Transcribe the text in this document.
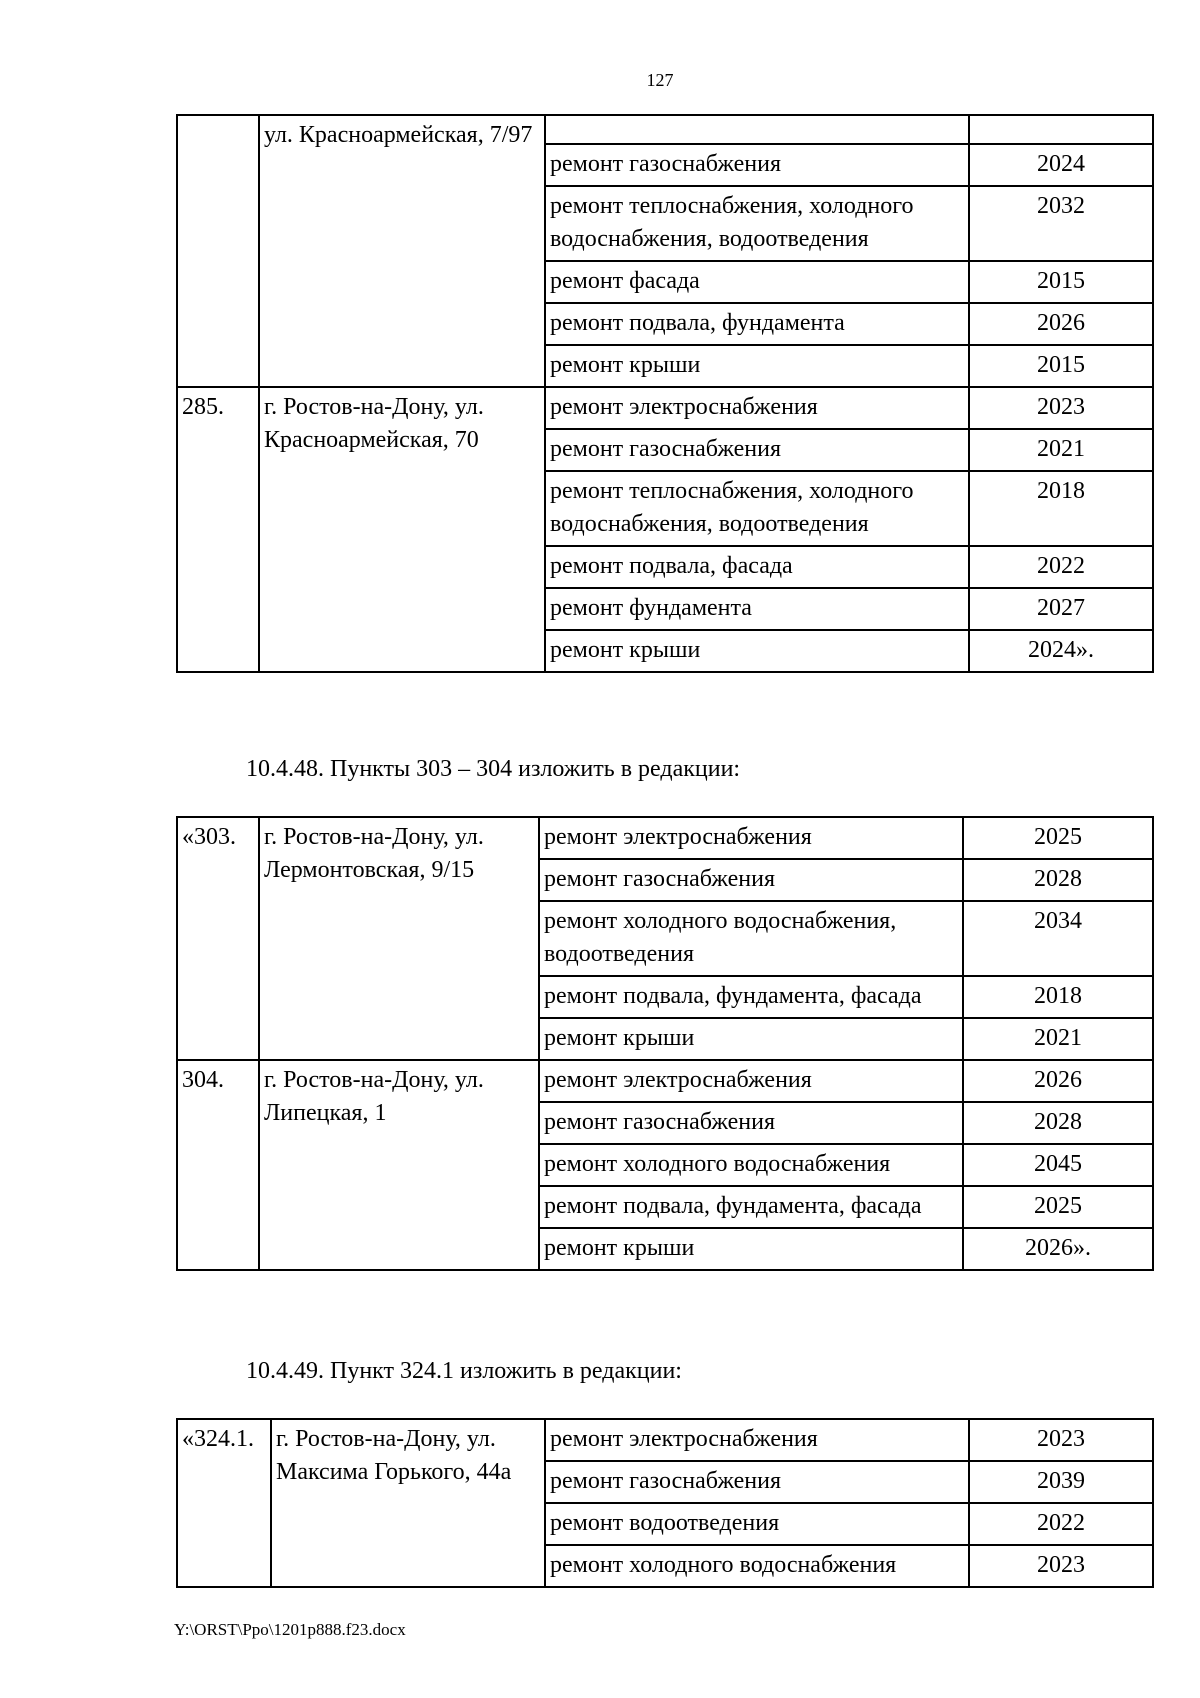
127
	ул. Красноармейская, 7/97		
		ремонт газоснабжения	2024
		ремонт теплоснабжения, холодного водоснабжения, водоотведения	2032
		ремонт фасада	2015
		ремонт подвала, фундамента	2026
		ремонт крыши	2015
285.	г. Ростов-на-Дону, ул. Красноармейская, 70	ремонт электроснабжения	2023
		ремонт газоснабжения	2021
		ремонт теплоснабжения, холодного водоснабжения, водоотведения	2018
		ремонт подвала, фасада	2022
		ремонт фундамента	2027
		ремонт крыши	2024».
10.4.48. Пункты 303 – 304 изложить в редакции:
«303.	г. Ростов-на-Дону, ул. Лермонтовская, 9/15	ремонт электроснабжения	2025
		ремонт газоснабжения	2028
		ремонт холодного водоснабжения, водоотведения	2034
		ремонт подвала, фундамента, фасада	2018
		ремонт крыши	2021
304.	г. Ростов-на-Дону, ул. Липецкая, 1	ремонт электроснабжения	2026
		ремонт газоснабжения	2028
		ремонт холодного водоснабжения	2045
		ремонт подвала, фундамента, фасада	2025
		ремонт крыши	2026».
10.4.49. Пункт 324.1 изложить в редакции:
«324.1.	г. Ростов-на-Дону, ул. Максима Горького, 44а	ремонт электроснабжения	2023
		ремонт газоснабжения	2039
		ремонт водоотведения	2022
		ремонт холодного водоснабжения	2023
Y:\ORST\Ppo\1201p888.f23.docx
